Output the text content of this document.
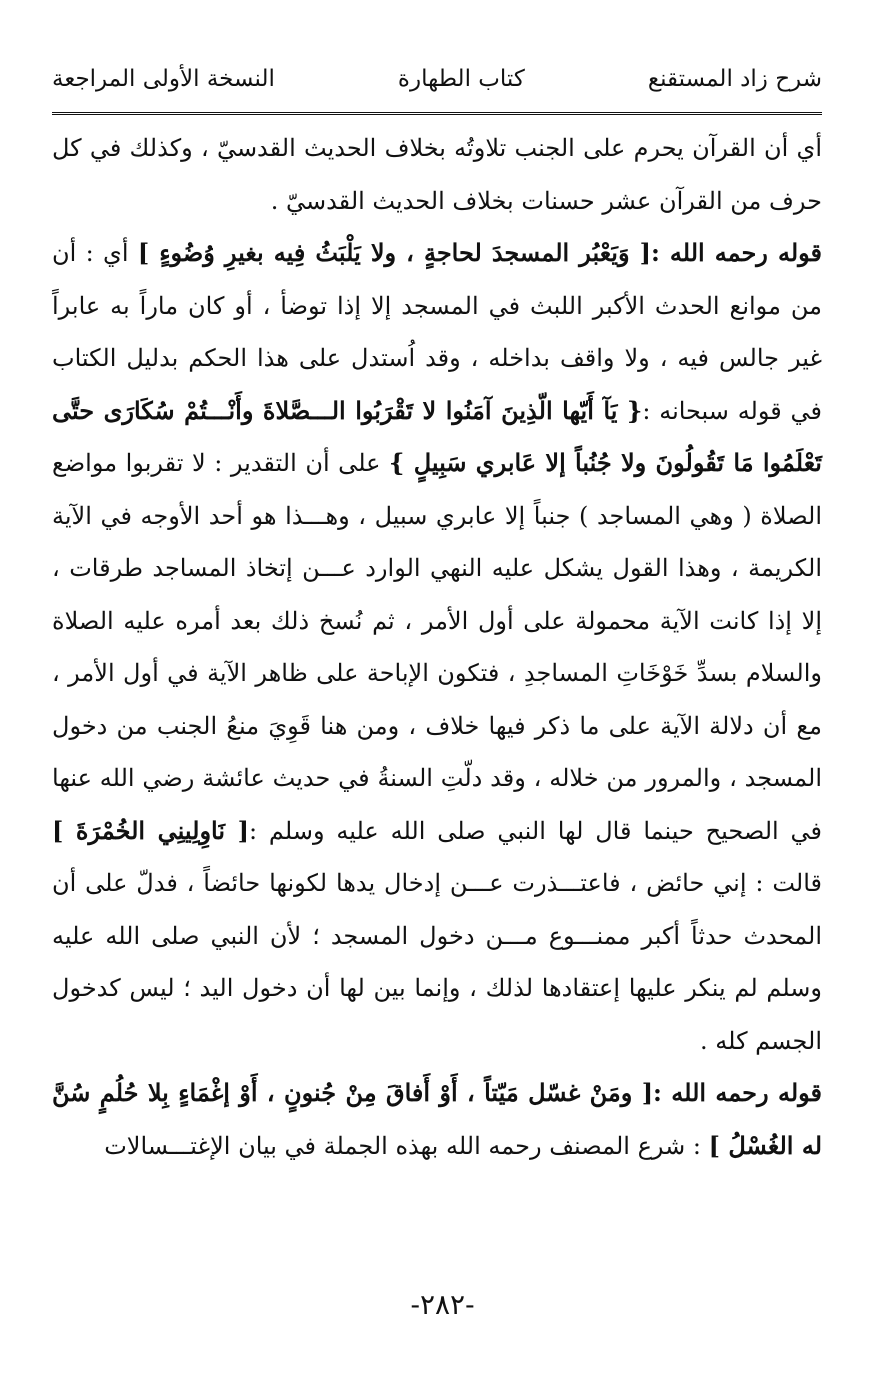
شرح زاد المستقنع
كتاب الطهارة
النسخة الأولى المراجعة

أي أن القرآن يحرم على الجنب تلاوتُه بخلاف الحديث القدسيّ ، وكذلك في كل حرف من القرآن عشر حسنات بخلاف الحديث القدسيّ .

قوله رحمه الله :[ وَيَعْبُر المسجدَ لحاجةٍ ، ولا يَلْبَثُ فِيه بغيرِ وُضُوءٍ ] أي : أن من موانع الحدث الأكبر اللبث في المسجد إلا إذا توضأ ، أو كان ماراً به عابراً غير جالس فيه ، ولا واقف بداخله ، وقد اُستدل على هذا الحكم بدليل الكتاب في قوله سبحانه :{ يَآ أَيّها الّذِينَ آمَنُوا لا تَقْرَبُوا الـــصَّلاةَ وأَنْـــتُمْ سُكَارَى حتَّى تَعْلَمُوا مَا تَقُولُونَ ولا جُنُباً إلا عَابري سَبِيلٍ } على أن التقدير : لا تقربوا مواضع الصلاة ( وهي المساجد ) جنباً إلا عابري سبيل ، وهـــذا هو أحد الأوجه في الآية الكريمة ، وهذا القول يشكل عليه النهي الوارد عـــن إتخاذ المساجد طرقات ، إلا إذا كانت الآية محمولة على أول الأمر ، ثم نُسخ ذلك بعد أمره عليه الصلاة والسلام بسدِّ خَوْخَاتِ المساجدِ ، فتكون الإباحة على ظاهر الآية في أول الأمر ، مع أن دلالة الآية على ما ذكر فيها خلاف ، ومن هنا قَوِيَ منعُ الجنب من دخول المسجد ، والمرور من خلاله ، وقد دلّتِ السنةُ في حديث عائشة رضي الله عنها في الصحيح حينما قال لها النبي صلى الله عليه وسلم :[ نَاوِلِينِي الخُمْرَةَ ] قالت : إني حائض ، فاعتـــذرت عـــن إدخال يدها لكونها حائضاً ، فدلّ على أن المحدث حدثاً أكبر ممنـــوع مـــن دخول المسجد ؛ لأن النبي صلى الله عليه وسلم لم ينكر عليها إعتقادها لذلك ، وإنما بين لها أن دخول اليد ؛ ليس كدخول الجسم كله .

قوله رحمه الله :[ ومَنْ غسّل مَيّتاً ، أَوْ أَفاقَ مِنْ جُنونٍ ، أَوْ إغْمَاءٍ بِلا حُلُمٍ سُنَّ له الغُسْلُ ] : شرع المصنف رحمه الله بهذه الجملة في بيان الإغتـــسالات

-٢٨٢-
